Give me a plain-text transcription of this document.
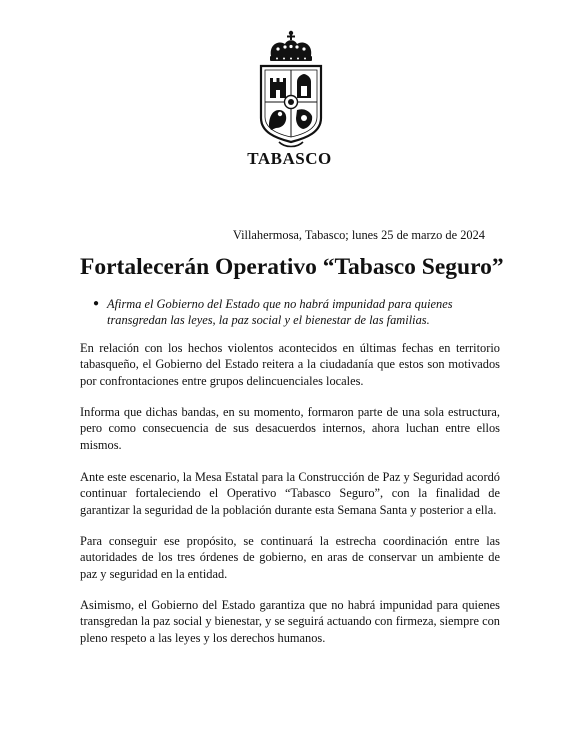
TABASCO
Villahermosa, Tabasco; lunes 25 de marzo de 2024
Fortalecerán Operativo “Tabasco Seguro”
● Afirma el Gobierno del Estado que no habrá impunidad para quienes transgredan las leyes, la paz social y el bienestar de las familias.

En relación con los hechos violentos acontecidos en últimas fechas en territorio tabasqueño, el Gobierno del Estado reitera a la ciudadanía que estos son motivados por confrontaciones entre grupos delincuenciales locales.

Informa que dichas bandas, en su momento, formaron parte de una sola estructura, pero como consecuencia de sus desacuerdos internos, ahora luchan entre ellos mismos.

Ante este escenario, la Mesa Estatal para la Construcción de Paz y Seguridad acordó continuar fortaleciendo el Operativo “Tabasco Seguro”, con la finalidad de garantizar la seguridad de la población durante esta Semana Santa y posterior a ella.

Para conseguir ese propósito, se continuará la estrecha coordinación entre las autoridades de los tres órdenes de gobierno, en aras de conservar un ambiente de paz y seguridad en la entidad.

Asimismo, el Gobierno del Estado garantiza que no habrá impunidad para quienes transgredan la paz social y bienestar, y se seguirá actuando con firmeza, siempre con pleno respeto a las leyes y los derechos humanos.
